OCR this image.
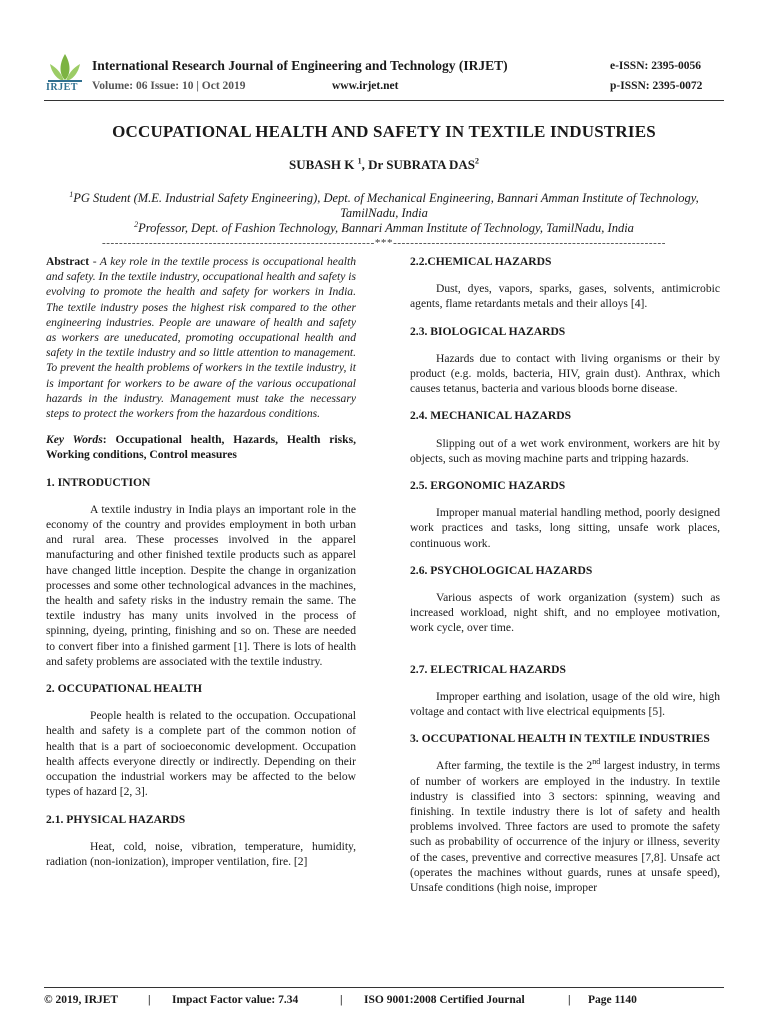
IRJET
International Research Journal of Engineering and Technology (IRJET)
Volume: 06 Issue: 10 | Oct 2019	www.irjet.net
e-ISSN: 2395-0056
p-ISSN: 2395-0072
OCCUPATIONAL HEALTH AND SAFETY IN TEXTILE INDUSTRIES
SUBASH K $^1$, Dr SUBRATA DAS$^2$
$^1$PG Student (M.E. Industrial Safety Engineering), Dept. of Mechanical Engineering, Bannari Amman Institute of Technology, TamilNadu, India
$^2$Professor, Dept. of Fashion Technology, Bannari Amman Institute of Technology, TamilNadu, India
----------------------------------------------------------------***----------------------------------------------------------------

Abstract - A key role in the textile process is occupational health and safety. In the textile industry, occupational health and safety is evolving to promote the health and safety for workers in India. The textile industry poses the highest risk compared to the other engineering industries. People are unaware of health and safety as workers are uneducated, promoting occupational health and safety in the textile industry and so little attention to management. To prevent the health problems of workers in the textile industry, it is important for workers to be aware of the various occupational hazards in the industry. Management must take the necessary steps to protect the workers from the hazardous conditions.

Key Words: Occupational health, Hazards, Health risks, Working conditions, Control measures

1. INTRODUCTION

A textile industry in India plays an important role in the economy of the country and provides employment in both urban and rural area. These processes involved in the apparel manufacturing and other finished textile products such as apparel have changed little inception. Despite the change in organization processes and some other technological advances in the machines, the health and safety risks in the industry remain the same. The textile industry has many units involved in the process of spinning, dyeing, printing, finishing and so on. These are needed to convert fiber into a finished garment [1]. There is lots of health and safety problems are associated with the textile industry.

2. OCCUPATIONAL HEALTH

People health is related to the occupation. Occupational health and safety is a complete part of the common notion of health that is a part of socioeconomic development. Occupation health affects everyone directly or indirectly. Depending on their occupation the industrial workers may be affected to the below types of hazard [2, 3].

2.1. PHYSICAL HAZARDS

Heat, cold, noise, vibration, temperature, humidity, radiation (non-ionization), improper ventilation, fire. [2]

2.2.CHEMICAL HAZARDS

Dust, dyes, vapors, sparks, gases, solvents, antimicrobic agents, flame retardants metals and their alloys [4].

2.3. BIOLOGICAL HAZARDS

Hazards due to contact with living organisms or their by product (e.g. molds, bacteria, HIV, grain dust). Anthrax, which causes tetanus, bacteria and various bloods borne disease.

2.4. MECHANICAL HAZARDS

Slipping out of a wet work environment, workers are hit by objects, such as moving machine parts and tripping hazards.

2.5. ERGONOMIC HAZARDS

Improper manual material handling method, poorly designed work practices and tasks, long sitting, unsafe work places, continuous work.

2.6. PSYCHOLOGICAL HAZARDS

Various aspects of work organization (system) such as increased workload, night shift, and no employee motivation, work cycle, over time.

2.7. ELECTRICAL HAZARDS

Improper earthing and isolation, usage of the old wire, high voltage and contact with live electrical equipments [5].

3. OCCUPATIONAL HEALTH IN TEXTILE INDUSTRIES

After farming, the textile is the 2nd largest industry, in terms of number of workers are employed in the industry. In textile industry is classified into 3 sectors: spinning, weaving and finishing. In textile industry there is lot of safety and health problems involved. Three factors are used to promote the safety such as probability of occurrence of the injury or illness, severity of the cases, preventive and corrective measures [7,8]. Unsafe act (operates the machines without guards, runes at unsafe speed), Unsafe conditions (high noise, improper

© 2019, IRJET	|	Impact Factor value: 7.34	|	ISO 9001:2008 Certified Journal	|	Page 1140
